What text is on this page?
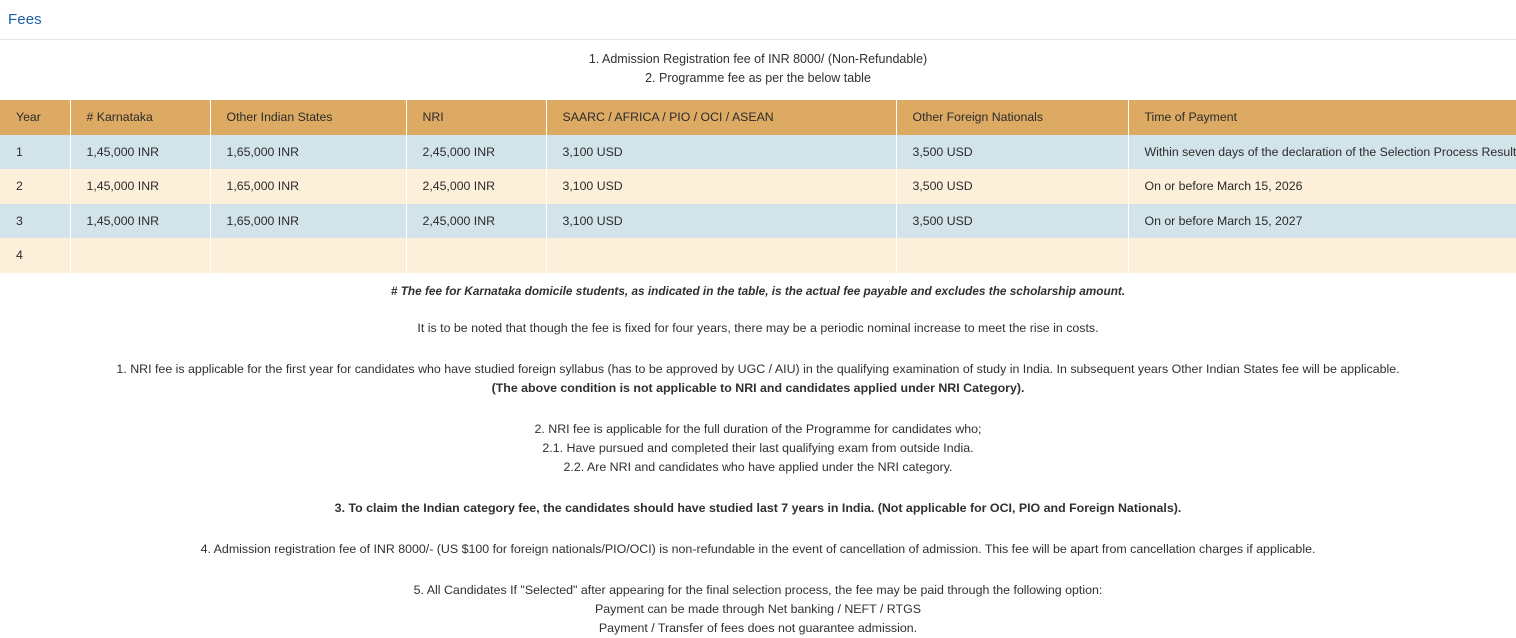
Fees
1. Admission Registration fee of INR 8000/ (Non-Refundable)
2. Programme fee as per the below table
Year	# Karnataka	Other Indian States	NRI	SAARC / AFRICA / PIO / OCI / ASEAN	Other Foreign Nationals	Time of Payment
1	1,45,000 INR	1,65,000 INR	2,45,000 INR	3,100 USD	3,500 USD	Within seven days of the declaration of the Selection Process Result
2	1,45,000 INR	1,65,000 INR	2,45,000 INR	3,100 USD	3,500 USD	On or before March 15, 2026
3	1,45,000 INR	1,65,000 INR	2,45,000 INR	3,100 USD	3,500 USD	On or before March 15, 2027
4						
# The fee for Karnataka domicile students, as indicated in the table, is the actual fee payable and excludes the scholarship amount.
It is to be noted that though the fee is fixed for four years, there may be a periodic nominal increase to meet the rise in costs.
1. NRI fee is applicable for the first year for candidates who have studied foreign syllabus (has to be approved by UGC / AIU) in the qualifying examination of study in India. In subsequent years Other Indian States fee will be applicable.
(The above condition is not applicable to NRI and candidates applied under NRI Category).
2. NRI fee is applicable for the full duration of the Programme for candidates who;
2.1. Have pursued and completed their last qualifying exam from outside India.
2.2. Are NRI and candidates who have applied under the NRI category.
3. To claim the Indian category fee, the candidates should have studied last 7 years in India. (Not applicable for OCI, PIO and Foreign Nationals).
4. Admission registration fee of INR 8000/- (US $100 for foreign nationals/PIO/OCI) is non-refundable in the event of cancellation of admission. This fee will be apart from cancellation charges if applicable.
5. All Candidates If "Selected" after appearing for the final selection process, the fee may be paid through the following option:
Payment can be made through Net banking / NEFT / RTGS
Payment / Transfer of fees does not guarantee admission.
